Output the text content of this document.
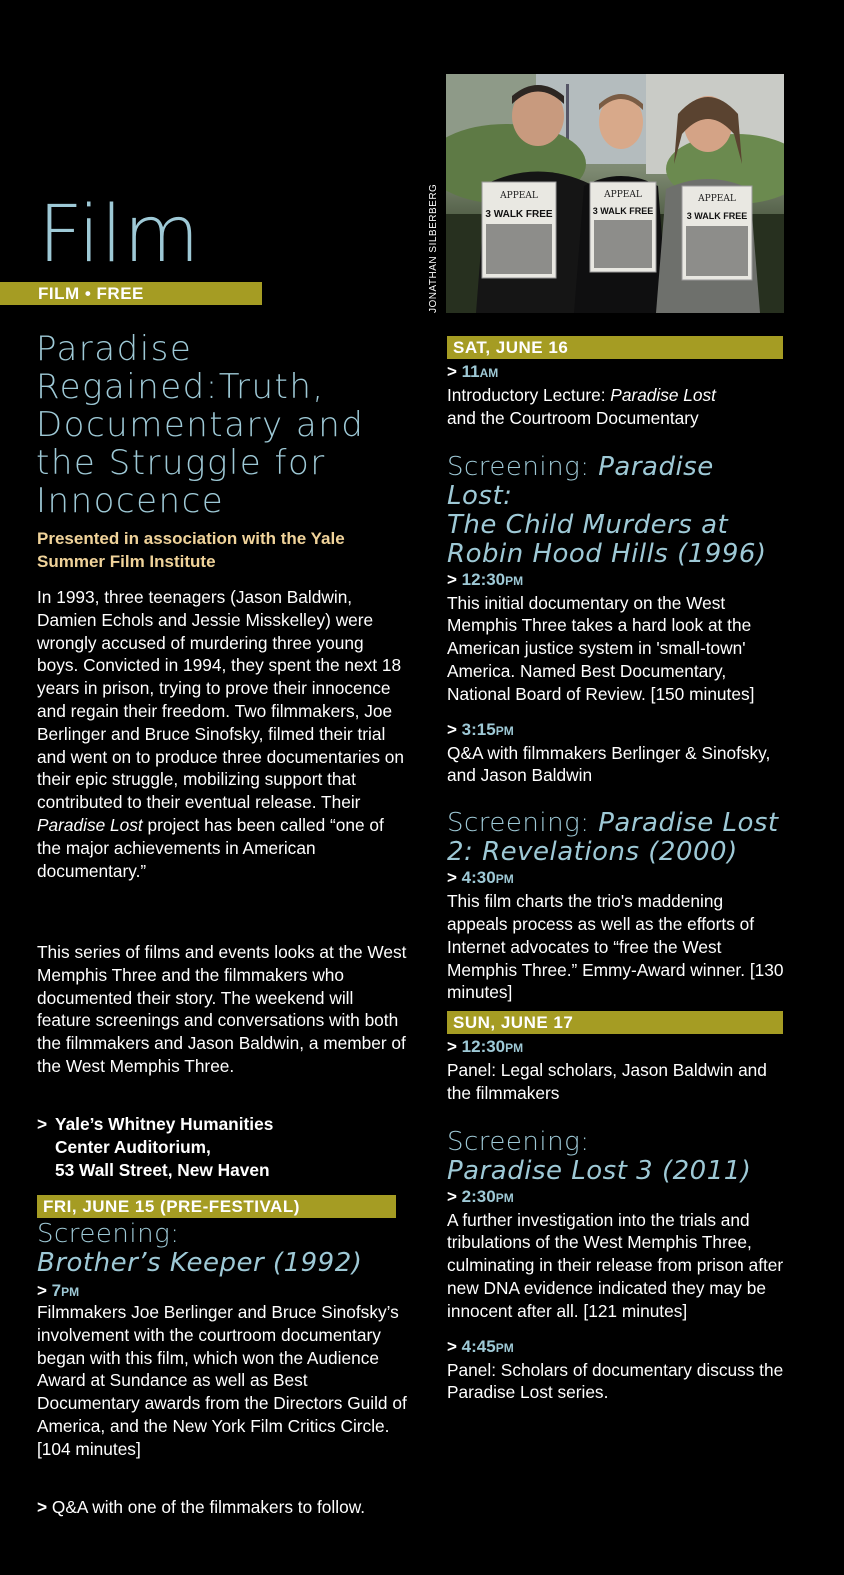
Film
FILM • FREE
Paradise Regained:Truth, Documentary and the Struggle for Innocence

Presented in association with the Yale Summer Film Institute

In 1993, three teenagers (Jason Baldwin, Damien Echols and Jessie Misskelley) were wrongly accused of murdering three young boys. Convicted in 1994, they spent the next 18 years in prison, trying to prove their innocence and regain their freedom. Two filmmakers, Joe Berlinger and Bruce Sinofsky, filmed their trial and went on to produce three documentaries on their epic struggle, mobilizing support that contributed to their eventual release. Their Paradise Lost project has been called “one of the major achievements in American documentary.”

This series of films and events looks at the West Memphis Three and the filmmakers who documented their story. The weekend will feature screenings and conversations with both the filmmakers and Jason Baldwin, a member of the West Memphis Three.

> Yale’s Whitney Humanities
Center Auditorium,
53 Wall Street, New Haven
FRI, JUNE 15 (PRE-FESTIVAL)
Screening:
Brother’s Keeper (1992)
> 7PM

Filmmakers Joe Berlinger and Bruce Sinofsky’s involvement with the courtroom documentary began with this film, which won the Audience Award at Sundance as well as Best Documentary awards from the Directors Guild of America, and the New York Film Critics Circle. [104 minutes]

> Q&A with one of the filmmakers to follow.

APPEAL
3 WALK FREE
APPEAL
3 WALK FREE
APPEAL
3 WALK FREE
JONATHAN SILBERBERG
SAT, JUNE 16
> 11AM

Introductory Lecture: Paradise Lost
and the Courtroom Documentary

Screening: Paradise Lost:
The Child Murders at
Robin Hood Hills (1996)
> 12:30PM

This initial documentary on the West Memphis Three takes a hard look at the American justice system in 'small-town' America. Named Best Documentary, National Board of Review. [150 minutes]

> 3:15PM

Q&A with filmmakers Berlinger & Sinofsky, and Jason Baldwin

Screening: Paradise Lost
2: Revelations (2000)
> 4:30PM

This film charts the trio's maddening appeals process as well as the efforts of Internet advocates to “free the West Memphis Three.” Emmy-Award winner. [130 minutes]

SUN, JUNE 17
> 12:30PM

Panel: Legal scholars, Jason Baldwin and the filmmakers

Screening:
Paradise Lost 3 (2011)
> 2:30PM

A further investigation into the trials and tribulations of the West Memphis Three, culminating in their release from prison after new DNA evidence indicated they may be innocent after all. [121 minutes]

> 4:45PM

Panel: Scholars of documentary discuss the Paradise Lost series.
